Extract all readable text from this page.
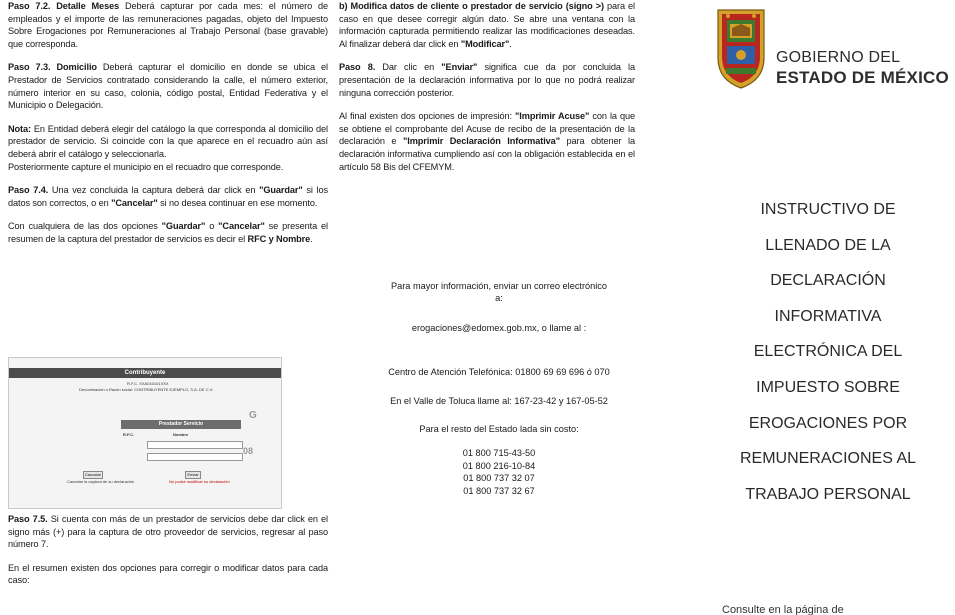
Paso 7.2. Detalle Meses Deberá capturar por cada mes: el número de empleados y el importe de las remuneraciones pagadas, objeto del Impuesto Sobre Erogaciones por Remuneraciones al Trabajo Personal (base gravable) que corresponda.

Paso 7.3. Domicilio Deberá capturar el domicilio en donde se ubica el Prestador de Servicios contratado considerando la calle, el número exterior, número interior en su caso, colonia, código postal, Entidad Federativa y el Municipio o Delegación.

Nota: En Entidad deberá elegir del catálogo la que corresponda al domicilio del prestador de servicio. Si coincide con la que aparece en el recuadro aún así deberá abrir el catálogo y seleccionarla.

Posteriormente capture el municipio en el recuadro que corresponde.

Paso 7.4. Una vez concluida la captura deberá dar click en "Guardar" si los datos son correctos, o en "Cancelar" si no desea continuar en ese momento.

Con cualquiera de las dos opciones "Guardar" o "Cancelar" se presenta el resumen de la captura del prestador de servicios es decir el RFC y Nombre.

Contribuyente
R.F.C. XXA010101XXX
Denominación o Razón social: CONTRIBUYENTE EJEMPLO, S.A. DE C.V.
Prestador Servicio
R.F.C.	Nombre
G
08
Cancelar
Cancelar la captura de su declaración
Enviar
No podrá modificar su declaración

Paso 7.5. Si cuenta con más de un prestador de servicios debe dar click en el signo más (+) para la captura de otro proveedor de servicios, regresar al paso número 7.

En el resumen existen dos opciones para corregir o modificar datos para cada caso:

b) Modifica datos de cliente o prestador de servicio (signo >) para el caso en que desee corregir algún dato. Se abre una ventana con la información capturada permitiendo realizar las modificaciones deseadas. Al finalizar deberá dar click en "Modificar".

Paso 8. Dar clic en "Enviar" significa cue da por concluida la presentación de la declaración informativa por lo que no podrá realizar ninguna corrección posterior.

Al final existen dos opciones de impresión: "Imprimir Acuse" con la que se obtiene el comprobante del Acuse de recibo de la presentación de la declaración e "Imprimir Declaración Informativa" para obtener la declaración informativa cumpliendo así con la obligación establecida en el artículo 58 Bis del CFEMYM.

Para mayor información, enviar un correo electrónico a:

erogaciones@edomex.gob.mx, o llame al :

Centro de Atención Telefónica: 01800 69 69 696 ó 070

En el Valle de Toluca llame al: 167-23-42 y 167-05-52

Para el resto del Estado lada sin costo:

01 800 715-43-50

01 800 216-10-84

01 800 737 32 07

01 800 737 32 67

GOBIERNO DEL
ESTADO DE MÉXICO
INSTRUCTIVO DE
LLENADO DE LA
DECLARACIÓN
INFORMATIVA
ELECTRÓNICA DEL
IMPUESTO SOBRE
EROGACIONES POR
REMUNERACIONES AL
TRABAJO PERSONAL
Consulte en la página de
